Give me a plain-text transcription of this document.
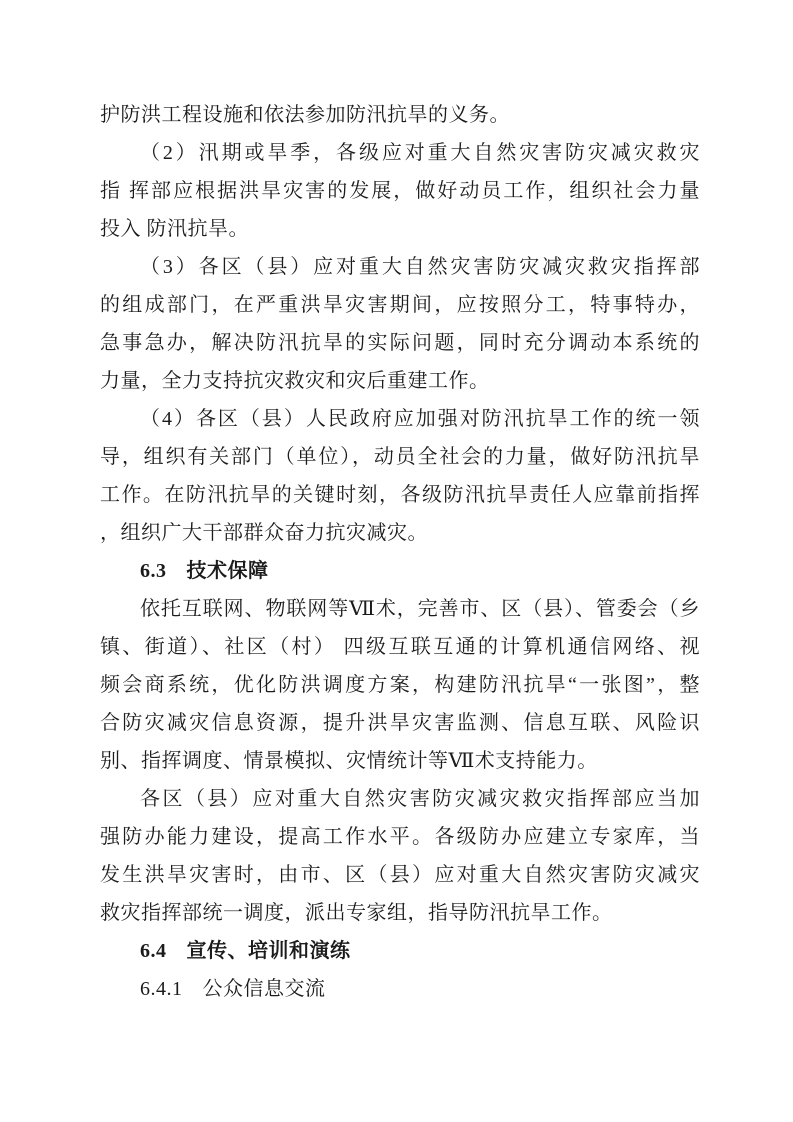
护防洪工程设施和依法参加防汛抗旱的义务。
（2）汛期或旱季，各级应对重大自然灾害防灾减灾救灾
指 挥部应根据洪旱灾害的发展，做好动员工作，组织社会力量
投入 防汛抗旱。
（3）各区（县）应对重大自然灾害防灾减灾救灾指挥部
的组成部门，在严重洪旱灾害期间，应按照分工，特事特办，
急事急办，解决防汛抗旱的实际问题，同时充分调动本系统的
力量，全力支持抗灾救灾和灾后重建工作。
（4）各区（县）人民政府应加强对防汛抗旱工作的统一领
导，组织有关部门（单位），动员全社会的力量，做好防汛抗旱
工作。在防汛抗旱的关键时刻，各级防汛抗旱责任人应靠前指挥
，组织广大干部群众奋力抗灾减灾。
6.3 技术保障
依托互联网、物联网等Ⅶ术，完善市、区（县）、管委会（乡
镇、街道）、社区（村） 四级互联互通的计算机通信网络、视
频会商系统，优化防洪调度方案，构建防汛抗旱“一张图”，整
合防灾减灾信息资源，提升洪旱灾害监测、信息互联、风险识
别、指挥调度、情景模拟、灾情统计等Ⅶ术支持能力。
各区（县）应对重大自然灾害防灾减灾救灾指挥部应当加
强防办能力建设，提高工作水平。各级防办应建立专家库，当
发生洪旱灾害时，由市、区（县）应对重大自然灾害防灾减灾
救灾指挥部统一调度，派出专家组，指导防汛抗旱工作。
6.4 宣传、培训和演练
6.4.1 公众信息交流
